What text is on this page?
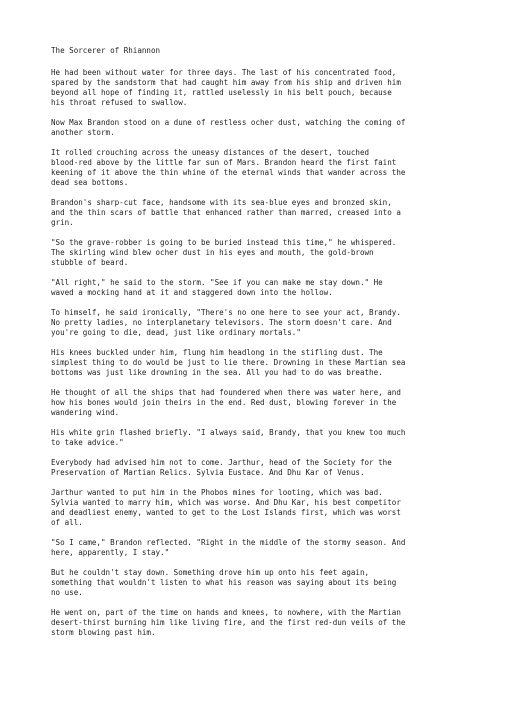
The Sorcerer of Rhiannon
He had been without water for three days. The last of his concentrated food,
spared by the sandstorm that had caught him away from his ship and driven him
beyond all hope of finding it, rattled uselessly in his belt pouch, because
his throat refused to swallow.
Now Max Brandon stood on a dune of restless ocher dust, watching the coming of
another storm.
It rolled crouching across the uneasy distances of the desert, touched
blood-red above by the little far sun of Mars. Brandon heard the first faint
keening of it above the thin whine of the eternal winds that wander across the
dead sea bottoms.
Brandon's sharp-cut face, handsome with its sea-blue eyes and bronzed skin,
and the thin scars of battle that enhanced rather than marred, creased into a
grin.
"So the grave-robber is going to be buried instead this time," he whispered.
The skirling wind blew ocher dust in his eyes and mouth, the gold-brown
stubble of beard.
"All right," he said to the storm. "See if you can make me stay down." He
waved a mocking hand at it and staggered down into the hollow.
To himself, he said ironically, "There's no one here to see your act, Brandy.
No pretty ladies, no interplanetary televisors. The storm doesn't care. And
you're going to die, dead, just like ordinary mortals."
His knees buckled under him, flung him headlong in the stifling dust. The
simplest thing to do would be just to lie there. Drowning in these Martian sea
bottoms was just like drowning in the sea. All you had to do was breathe.
He thought of all the ships that had foundered when there was water here, and
how his bones would join theirs in the end. Red dust, blowing forever in the
wandering wind.
His white grin flashed briefly. "I always said, Brandy, that you knew too much
to take advice."
Everybody had advised him not to come. Jarthur, head of the Society for the
Preservation of Martian Relics. Sylvia Eustace. And Dhu Kar of Venus.
Jarthur wanted to put him in the Phobos mines for looting, which was bad.
Sylvia wanted to marry him, which was worse. And Dhu Kar, his best competitor
and deadliest enemy, wanted to get to the Lost Islands first, which was worst
of all.
"So I came," Brandon reflected. "Right in the middle of the stormy season. And
here, apparently, I stay."
But he couldn't stay down. Something drove him up onto his feet again,
something that wouldn't listen to what his reason was saying about its being
no use.
He went on, part of the time on hands and knees, to nowhere, with the Martian
desert-thirst burning him like living fire, and the first red-dun veils of the
storm blowing past him.
